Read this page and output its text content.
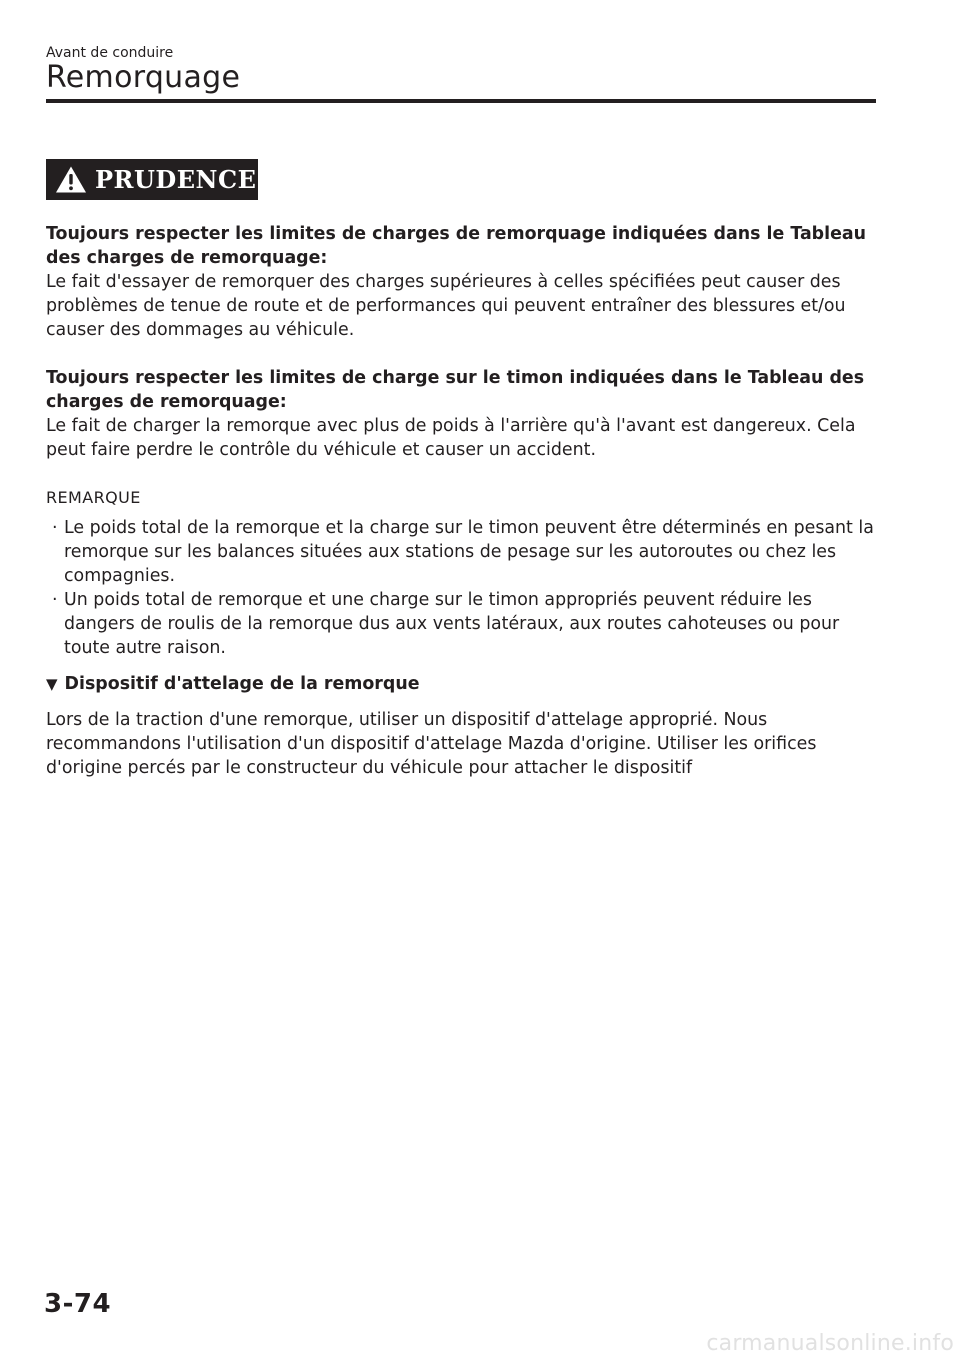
Avant de conduire
Remorquage
PRUDENCE

Toujours respecter les limites de charges de remorquage indiquées dans le Tableau des charges de remorquage:

Le fait d'essayer de remorquer des charges supérieures à celles spécifiées peut causer des problèmes de tenue de route et de performances qui peuvent entraîner des blessures et/ou causer des dommages au véhicule.

Toujours respecter les limites de charge sur le timon indiquées dans le Tableau des charges de remorquage:

Le fait de charger la remorque avec plus de poids à l'arrière qu'à l'avant est dangereux. Cela peut faire perdre le contrôle du véhicule et causer un accident.

REMARQUE
· Le poids total de la remorque et la charge sur le timon peuvent être déterminés en pesant la remorque sur les balances situées aux stations de pesage sur les autoroutes ou chez les compagnies.
· Un poids total de remorque et une charge sur le timon appropriés peuvent réduire les dangers de roulis de la remorque dus aux vents latéraux, aux routes cahoteuses ou pour toute autre raison.
▼ Dispositif d'attelage de la remorque

Lors de la traction d'une remorque, utiliser un dispositif d'attelage approprié. Nous recommandons l'utilisation d'un dispositif d'attelage Mazda d'origine. Utiliser les orifices d'origine percés par le constructeur du véhicule pour attacher le dispositif

3-74
carmanualsonline.info
